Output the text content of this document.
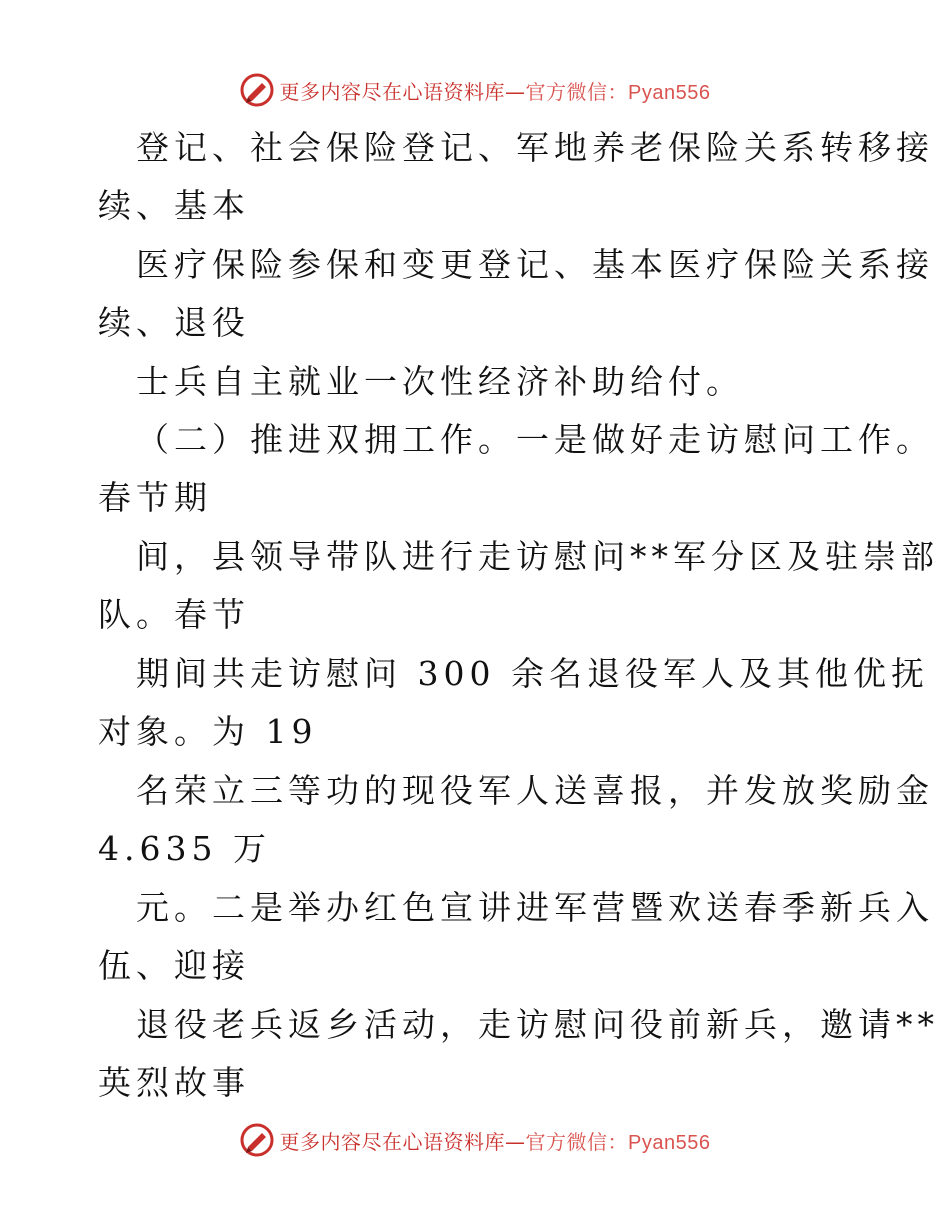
更多内容尽在心语资料库—官方微信：Pyan556
登记、社会保险登记、军地养老保险关系转移接
续、基本
医疗保险参保和变更登记、基本医疗保险关系接
续、退役
士兵自主就业一次性经济补助给付。
（二）推进双拥工作。一是做好走访慰问工作。
春节期
间，县领导带队进行走访慰问**军分区及驻崇部
队。春节
期间共走访慰问 300 余名退役军人及其他优抚
对象。为 19
名荣立三等功的现役军人送喜报，并发放奖励金
4.635 万
元。二是举办红色宣讲进军营暨欢送春季新兵入
伍、迎接
退役老兵返乡活动，走访慰问役前新兵，邀请**
英烈故事
更多内容尽在心语资料库—官方微信：Pyan556
